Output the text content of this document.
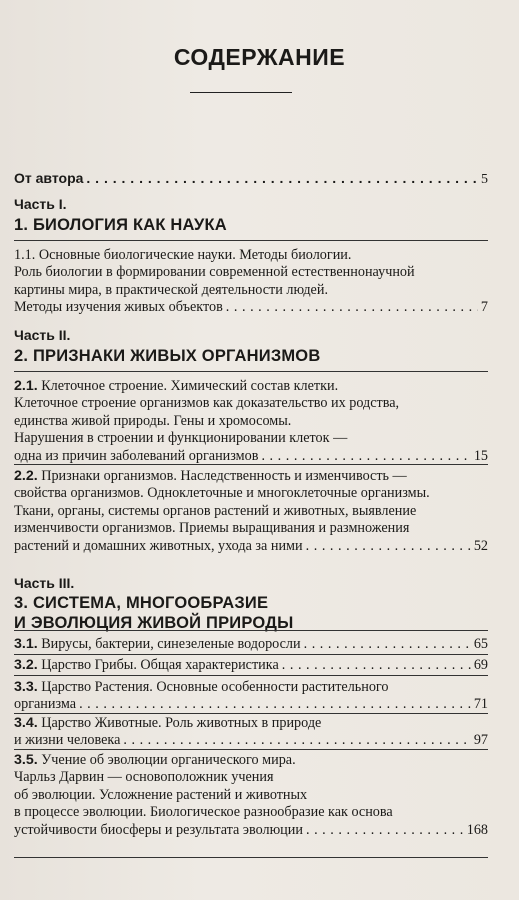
СОДЕРЖАНИЕ
От автора . . .	5
Часть I.
1. БИОЛОГИЯ КАК НАУКА
1.1. Основные биологические науки. Методы биологии.
Роль биологии в формировании современной естественнонаучной
картины мира, в практической деятельности людей.
Методы изучения живых объектов . . .	7
Часть II.
2. ПРИЗНАКИ ЖИВЫХ ОРГАНИЗМОВ
2.1. Клеточное строение. Химический состав клетки.
Клеточное строение организмов как доказательство их родства,
единства живой природы. Гены и хромосомы.
Нарушения в строении и функционировании клеток —
одна из причин заболеваний организмов . . .	15
2.2. Признаки организмов. Наследственность и изменчивость —
свойства организмов. Одноклеточные и многоклеточные организмы.
Ткани, органы, системы органов растений и животных, выявление
изменчивости организмов. Приемы выращивания и размножения
растений и домашних животных, ухода за ними . . .	52
Часть III.
3. СИСТЕМА, МНОГООБРАЗИЕ
И ЭВОЛЮЦИЯ ЖИВОЙ ПРИРОДЫ
3.1.
Вирусы, бактерии, синезеленые водоросли . . .	65
3.2.
Царство Грибы. Общая характеристика . . .	69
3.3. Царство Растения. Основные особенности растительного
организма . . .	71
3.4. Царство Животные. Роль животных в природе
и жизни человека . . .	97
3.5. Учение об эволюции органического мира.
Чарльз Дарвин — основоположник учения
об эволюции. Усложнение растений и животных
в процессе эволюции. Биологическое разнообразие как основа
устойчивости биосферы и результата эволюции . . .	168
